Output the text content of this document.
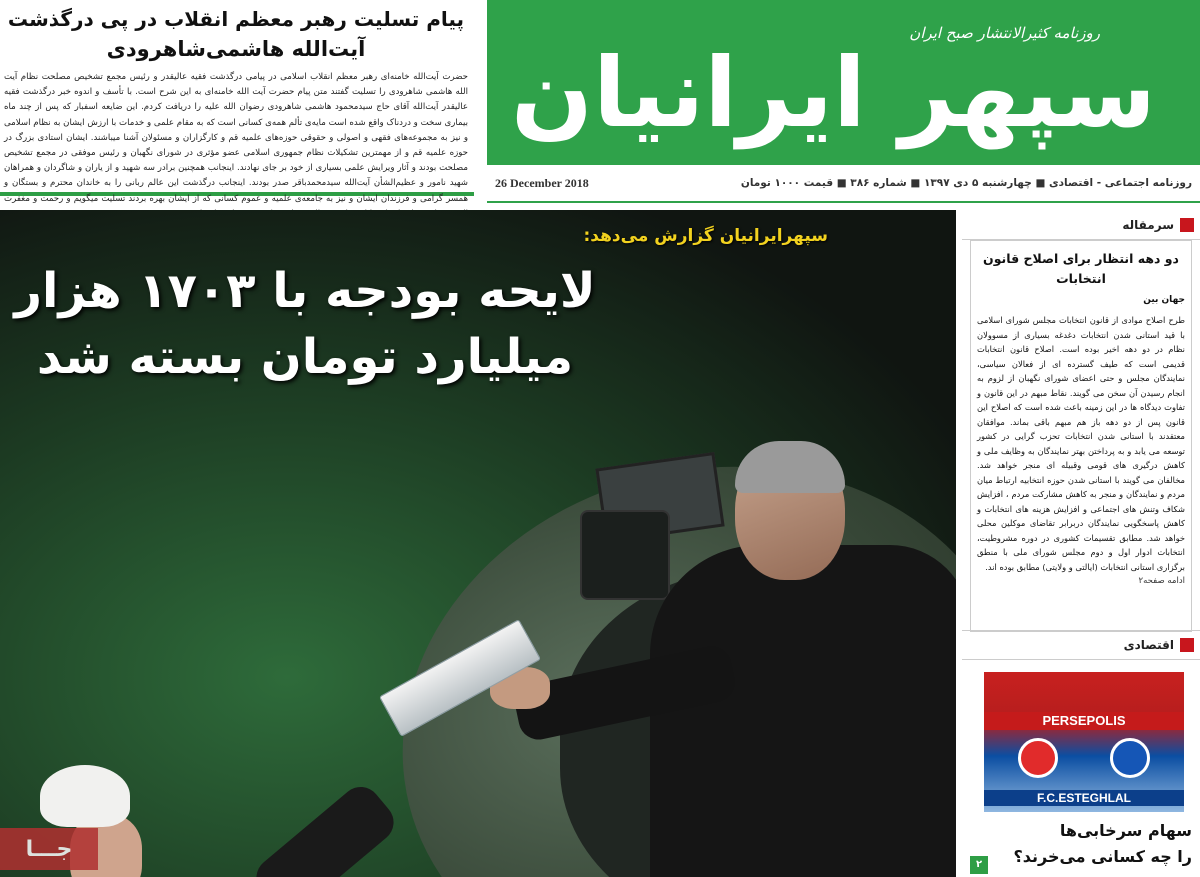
پیام تسلیت رهبر معظم انقلاب در پی درگذشت
آیت‌الله هاشمی‌شاهرودی

حضرت آیت‌الله خامنه‌ای رهبر معظم انقلاب اسلامی در پیامی درگذشت فقیه عالیقدر و رئیس مجمع تشخیص مصلحت نظام آیت الله هاشمی شاهرودی را تسلیت گفتند متن پیام حضرت آیت الله خامنه‌ای به این شرح است. با تأسف و اندوه خبر درگذشت فقیه عالیقدر آیت‌الله آقای حاج سیدمحمود هاشمی شاهرودی رضوان الله علیه را دریافت کردم. این ضایعه اسفبار که پس از چند ماه بیماری سخت و دردناک واقع شده است مایه‌ی تألم همه‌ی کسانی است که به مقام علمی و خدمات با ارزش ایشان به نظام اسلامی و نیز به مجموعه‌های فقهی و اصولی و حقوقی حوزه‌های علمیه قم و کارگزاران و مسئولان آشنا میباشند. ایشان استادی بزرگ در حوزه علمیه قم و از مهمترین تشکیلات نظام جمهوری اسلامی عضو مؤثری در شورای نگهبان و رئیس موفقی در مجمع تشخیص مصلحت بودند و آثار ویرایش علمی بسیاری از خود بر جای نهادند. اینجانب همچنین برادر سه شهید و از یاران و شاگردان و همراهان شهید نامور و عظیم‌الشأن آیت‌الله سیدمحمدباقر صدر بودند. اینجانب درگذشت این عالم ربانی را به خاندان محترم و بستگان و همسر گرامی و فرزندان ایشان و نیز به جامعه‌ی علمیه و عموم کسانی که از ایشان بهره بردند تسلیت میگویم و رحمت و مغفرت

روزنامه کثیرالانتشار صبح ایران
سپهر ایرانیان
26 December 2018	روزنامه اجتماعی - اقتصادی ■ چهارشنبه ۵ دی ۱۳۹۷ ■ شماره ۳۸۶ ■ قیمت ۱۰۰۰ تومان
سپهرایرانیان گزارش می‌دهد:
لایحه بودجه با ۱۷۰۳ هزار
میلیارد تومان بسته شد
جـــا
سرمقاله
دو دهه انتظار برای اصلاح قانون انتخابات
جهان بین

طرح اصلاح موادی از قانون انتخابات مجلس شورای اسلامی با قید استانی شدن انتخابات دغدغه بسیاری از مسوولان نظام در دو دهه اخیر بوده است. اصلاح قانون انتخابات قدیمی است که طیف گسترده ای از فعالان سیاسی، نمایندگان مجلس و حتی اعضای شورای نگهبان از لزوم به انجام رسیدن آن سخن می گویند. نقاط مبهم در این قانون و تفاوت دیدگاه ها در این زمینه باعث شده است که اصلاح این قانون پس از دو دهه باز هم مبهم باقی بماند. موافقان معتقدند با استانی شدن انتخابات تحزب گرایی در کشور توسعه می یابد و به پرداختن بهتر نمایندگان به وظایف ملی و کاهش درگیری های قومی وقبیله ای منجر خواهد شد. مخالفان می گویند با استانی شدن حوزه انتخابیه ارتباط میان مردم و نمایندگان و منجر به کاهش مشارکت مردم ، افزایش شکاف وتنش های اجتماعی و افزایش هزینه های انتخابات و کاهش پاسخگویی نمایندگان دربرابر تقاضای موکلین محلی خواهد شد. مطابق تقسیمات کشوری در دوره مشروطیت، انتخابات ادوار اول و دوم مجلس شورای ملی با منطق برگزاری استانی انتخابات (ایالتی و ولایتی) مطابق بوده اند.

ادامه صفحه۲
اقتصادی
PERSEPOLIS
F.C.ESTEGHLAL
سهام سرخابی‌ها
را چه کسانی می‌خرند؟
۲
